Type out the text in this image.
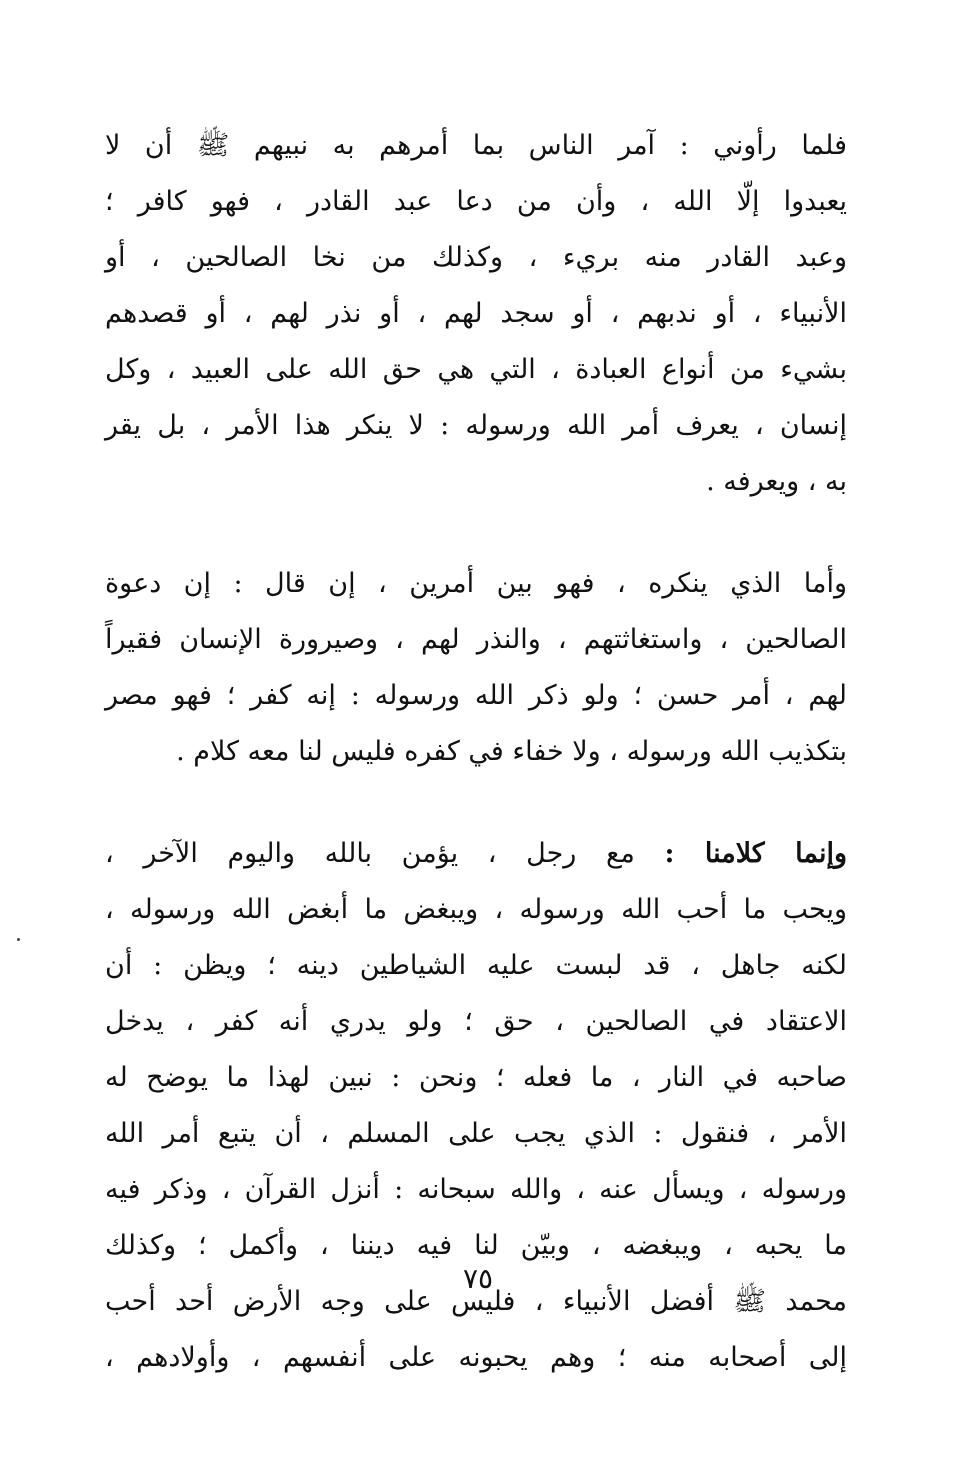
فلما رأوني : آمر الناس بما أمرهم به نبيهم ﷺ أن لا
يعبدوا إلّا الله ، وأن من دعا عبد القادر ، فهو كافر ؛
وعبد القادر منه بريء ، وكذلك من نخا الصالحين ، أو
الأنبياء ، أو ندبهم ، أو سجد لهم ، أو نذر لهم ، أو قصدهم
بشيء من أنواع العبادة ، التي هي حق الله على العبيد ، وكل
إنسان ، يعرف أمر الله ورسوله : لا ينكر هذا الأمر ، بل يقر
به ، ويعرفه .
وأما الذي ينكره ، فهو بين أمرين ، إن قال : إن دعوة
الصالحين ، واستغاثتهم ، والنذر لهم ، وصيرورة الإنسان فقيراً
لهم ، أمر حسن ؛ ولو ذكر الله ورسوله : إنه كفر ؛ فهو مصر
بتكذيب الله ورسوله ، ولا خفاء في كفره فليس لنا معه كلام .
وإنما كلامنا : مع رجل ، يؤمن بالله واليوم الآخر ،
ويحب ما أحب الله ورسوله ، ويبغض ما أبغض الله ورسوله ،
لكنه جاهل ، قد لبست عليه الشياطين دينه ؛ ويظن : أن
الاعتقاد في الصالحين ، حق ؛ ولو يدري أنه كفر ، يدخل
صاحبه في النار ، ما فعله ؛ ونحن : نبين لهذا ما يوضح له
الأمر ، فنقول : الذي يجب على المسلم ، أن يتبع أمر الله
ورسوله ، ويسأل عنه ، والله سبحانه : أنزل القرآن ، وذكر فيه
ما يحبه ، ويبغضه ، وبيّن لنا فيه ديننا ، وأكمل ؛ وكذلك
محمد ﷺ أفضل الأنبياء ، فليس على وجه الأرض أحد أحب
إلى أصحابه منه ؛ وهم يحبونه على أنفسهم ، وأولادهم ،
٧٥
